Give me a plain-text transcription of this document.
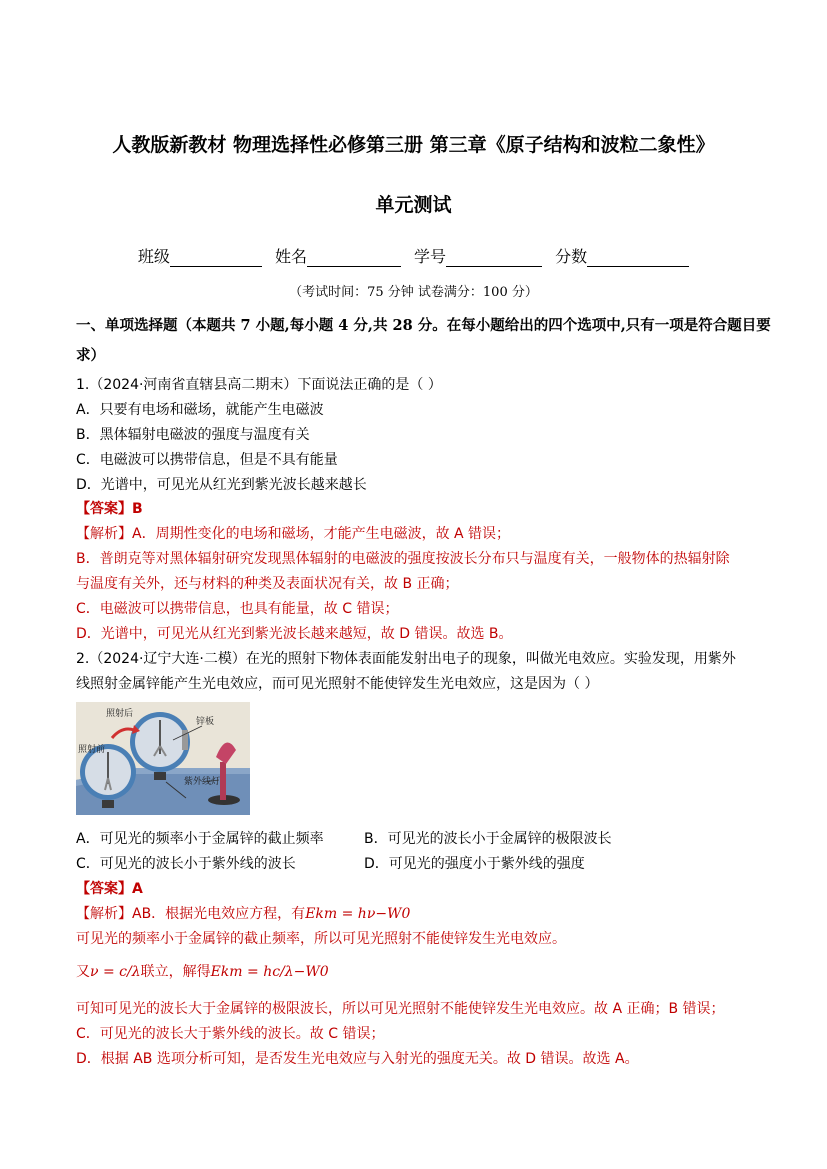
人教版新教材 物理选择性必修第三册 第三章《原子结构和波粒二象性》
单元测试
班级	姓名	学号	分数
（考试时间：75 分钟 试卷满分：100 分）
一、单项选择题（本题共 7 小题,每小题 4 分,共 28 分。在每小题给出的四个选项中,只有一项是符合题目要
求）
1.（2024·河南省直辖县高二期末）下面说法正确的是（ ）
A．只要有电场和磁场，就能产生电磁波
B．黑体辐射电磁波的强度与温度有关
C．电磁波可以携带信息，但是不具有能量
D．光谱中，可见光从红光到紫光波长越来越长
【答案】B
【解析】A．周期性变化的电场和磁场，才能产生电磁波，故 A 错误；
B．普朗克等对黑体辐射研究发现黑体辐射的电磁波的强度按波长分布只与温度有关，一般物体的热辐射除
与温度有关外，还与材料的种类及表面状况有关，故 B 正确；
C．电磁波可以携带信息，也具有能量，故 C 错误；
D．光谱中，可见光从红光到紫光波长越来越短，故 D 错误。故选 B。
2.（2024·辽宁大连·二模）在光的照射下物体表面能发射出电子的现象，叫做光电效应。实验发现，用紫外
线照射金属锌能产生光电效应，而可见光照射不能使锌发生光电效应，这是因为（ ）
照射后
照射前
锌板
紫外线灯
A．可见光的频率小于金属锌的截止频率	B．可见光的波长小于金属锌的极限波长
C．可见光的波长小于紫外线的波长	D．可见光的强度小于紫外线的强度
【答案】A
【解析】AB．根据光电效应方程，有Ekm = hν−W0
可见光的频率小于金属锌的截止频率，所以可见光照射不能使锌发生光电效应。
又ν = c/λ联立，解得Ekm = hc/λ−W0
可知可见光的波长大于金属锌的极限波长，所以可见光照射不能使锌发生光电效应。故 A 正确；B 错误；
C．可见光的波长大于紫外线的波长。故 C 错误；
D．根据 AB 选项分析可知，是否发生光电效应与入射光的强度无关。故 D 错误。故选 A。
